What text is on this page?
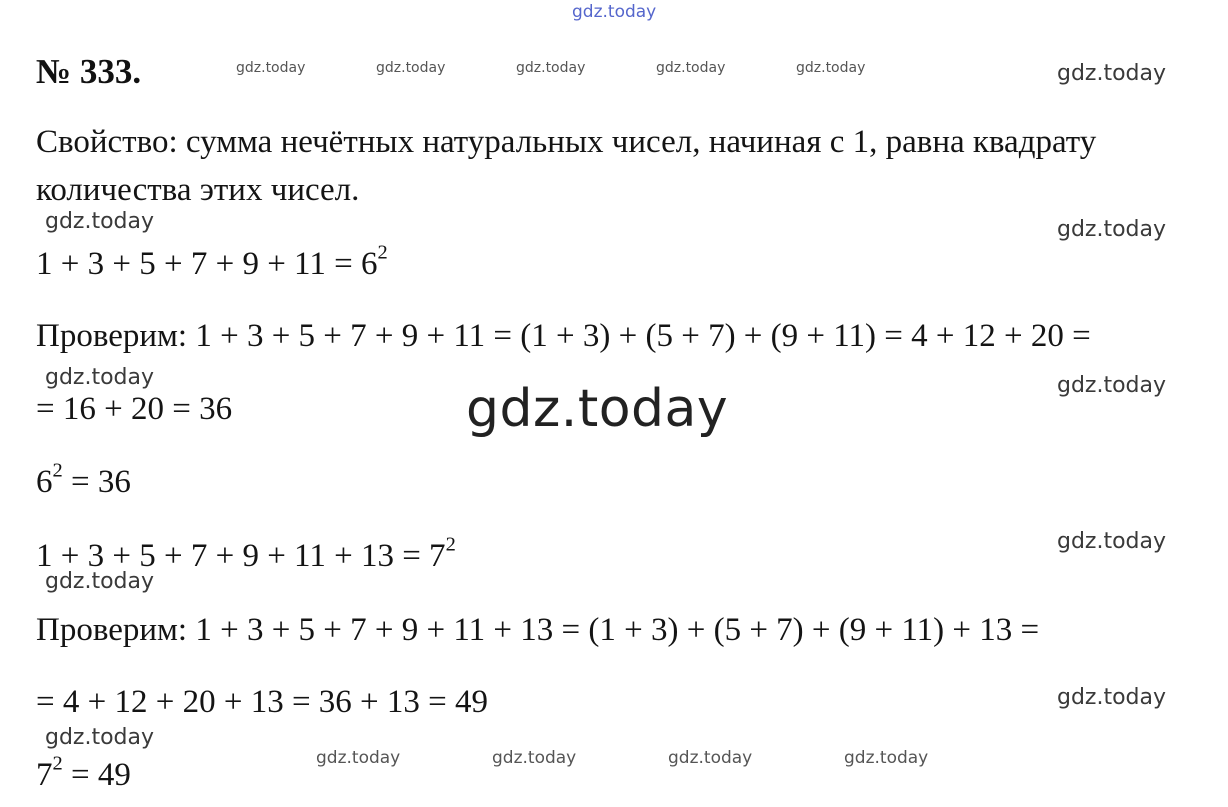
gdz.today
№ 333.	gdz.today	gdz.today	gdz.today	gdz.today	gdz.today	gdz.today
Свойство: сумма нечётных натуральных чисел, начиная с 1, равна квадрату
количества этих чисел.
gdz.today	gdz.today
$1 + 3 + 5 + 7 + 9 + 11 = 6^2$
Проверим: 1 + 3 + 5 + 7 + 9 + 11 = (1 + 3) + (5 + 7) + (9 + 11) = 4 + 12 + 20 =
gdz.today	gdz.today
= 16 + 20 = 36	gdz.today
$6^2 = 36$
gdz.today
$1 + 3 + 5 + 7 + 9 + 11 + 13 = 7^2$
gdz.today
Проверим: 1 + 3 + 5 + 7 + 9 + 11 + 13 = (1 + 3) + (5 + 7) + (9 + 11) + 13 =
gdz.today
= 4 + 12 + 20 + 13 = 36 + 13 = 49
gdz.today
$7^2 = 49$	gdz.today	gdz.today	gdz.today	gdz.today
